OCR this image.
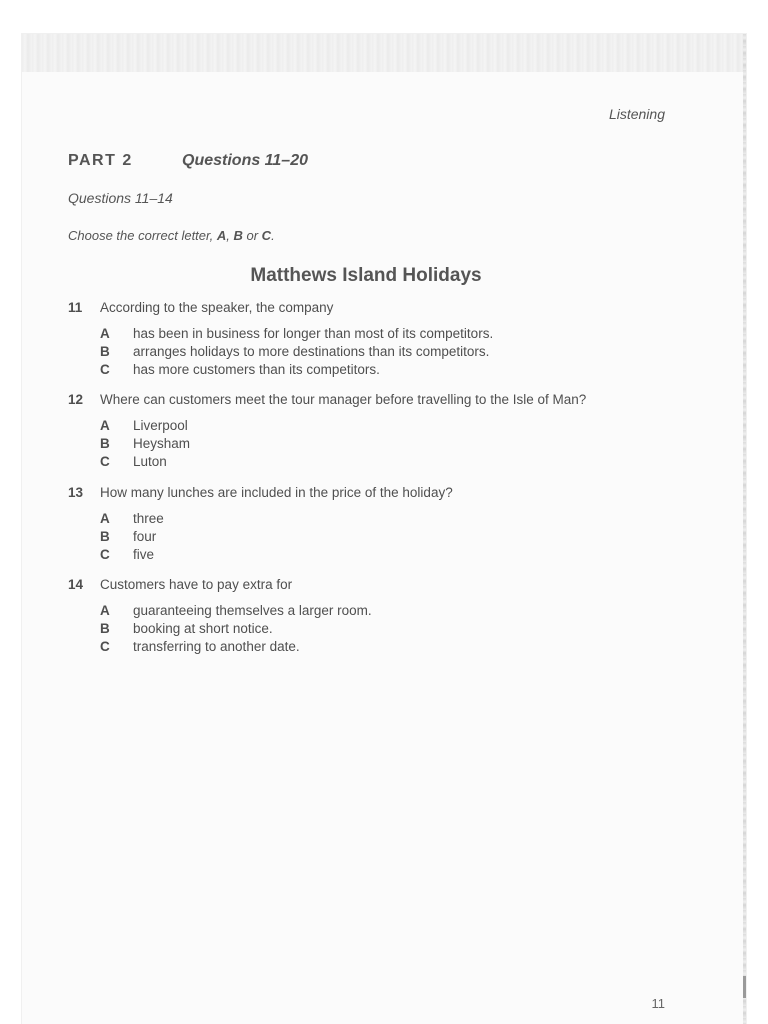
Listening
PART 2	Questions 11–20
Questions 11–14
Choose the correct letter, A, B or C.
Matthews Island Holidays
11 According to the speaker, the company
A has been in business for longer than most of its competitors.
B arranges holidays to more destinations than its competitors.
C has more customers than its competitors.
12 Where can customers meet the tour manager before travelling to the Isle of Man?
A Liverpool
B Heysham
C Luton
13 How many lunches are included in the price of the holiday?
A three
B four
C five
14 Customers have to pay extra for
A guaranteeing themselves a larger room.
B booking at short notice.
C transferring to another date.
11
